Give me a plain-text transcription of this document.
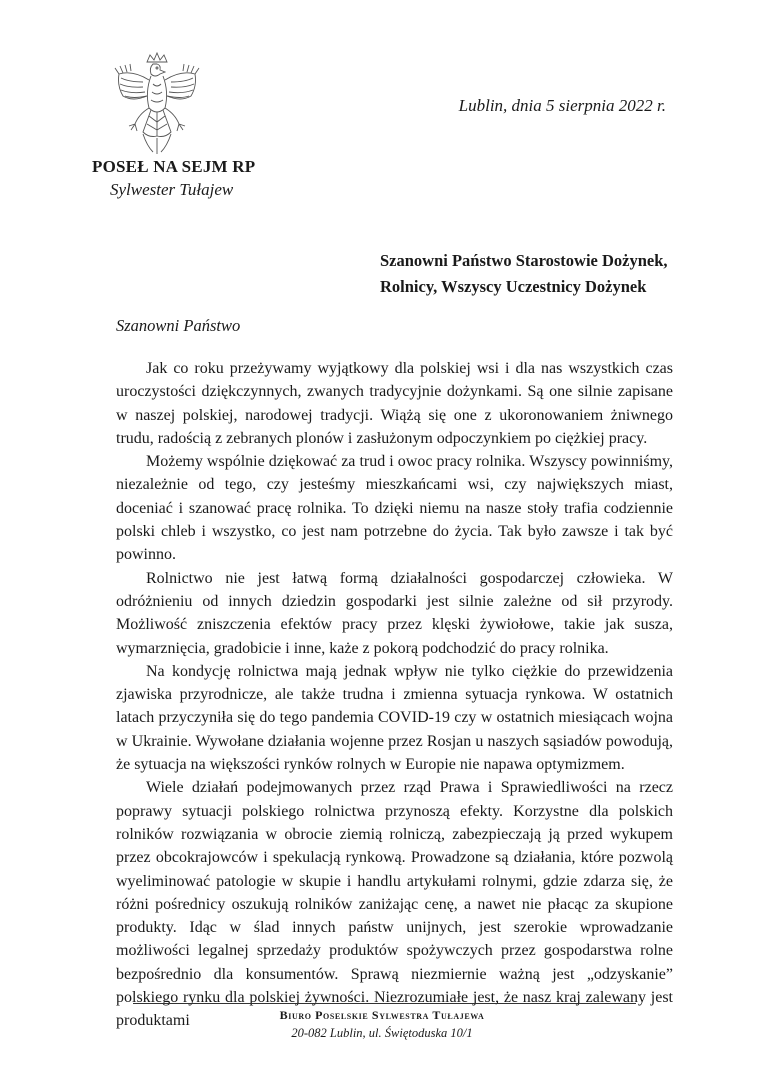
Lublin, dnia 5 sierpnia 2022 r.
POSEŁ NA SEJM RP
Sylwester Tułajew
Szanowni Państwo Starostowie Dożynek,
Rolnicy, Wszyscy Uczestnicy Dożynek
Szanowni Państwo

Jak co roku przeżywamy wyjątkowy dla polskiej wsi i dla nas wszystkich czas uroczystości dziękczynnych, zwanych tradycyjnie dożynkami. Są one silnie zapisane w naszej polskiej, narodowej tradycji. Wiążą się one z ukoronowaniem żniwnego trudu, radością z zebranych plonów i zasłużonym odpoczynkiem po ciężkiej pracy.

Możemy wspólnie dziękować za trud i owoc pracy rolnika. Wszyscy powinniśmy, niezależnie od tego, czy jesteśmy mieszkańcami wsi, czy największych miast, doceniać i szanować pracę rolnika. To dzięki niemu na nasze stoły trafia codziennie polski chleb i wszystko, co jest nam potrzebne do życia. Tak było zawsze i tak być powinno.

Rolnictwo nie jest łatwą formą działalności gospodarczej człowieka. W odróżnieniu od innych dziedzin gospodarki jest silnie zależne od sił przyrody. Możliwość zniszczenia efektów pracy przez klęski żywiołowe, takie jak susza, wymarznięcia, gradobicie i inne, każe z pokorą podchodzić do pracy rolnika.

Na kondycję rolnictwa mają jednak wpływ nie tylko ciężkie do przewidzenia zjawiska przyrodnicze, ale także trudna i zmienna sytuacja rynkowa. W ostatnich latach przyczyniła się do tego pandemia COVID-19 czy w ostatnich miesiącach wojna w Ukrainie. Wywołane działania wojenne przez Rosjan u naszych sąsiadów powodują, że sytuacja na większości rynków rolnych w Europie nie napawa optymizmem.

Wiele działań podejmowanych przez rząd Prawa i Sprawiedliwości na rzecz poprawy sytuacji polskiego rolnictwa przynoszą efekty. Korzystne dla polskich rolników rozwiązania w obrocie ziemią rolniczą, zabezpieczają ją przed wykupem przez obcokrajowców i spekulacją rynkową. Prowadzone są działania, które pozwolą wyeliminować patologie w skupie i handlu artykułami rolnymi, gdzie zdarza się, że różni pośrednicy oszukują rolników zaniżając cenę, a nawet nie płacąc za skupione produkty. Idąc w ślad innych państw unijnych, jest szerokie wprowadzanie możliwości legalnej sprzedaży produktów spożywczych przez gospodarstwa rolne bezpośrednio dla konsumentów. Sprawą niezmiernie ważną jest „odzyskanie” polskiego rynku dla polskiej żywności. Niezrozumiałe jest, że nasz kraj zalewany jest produktami	Biuro Poselskie Sylwestra Tułajewa
20-082 Lublin, ul. Świętoduska 10/1
